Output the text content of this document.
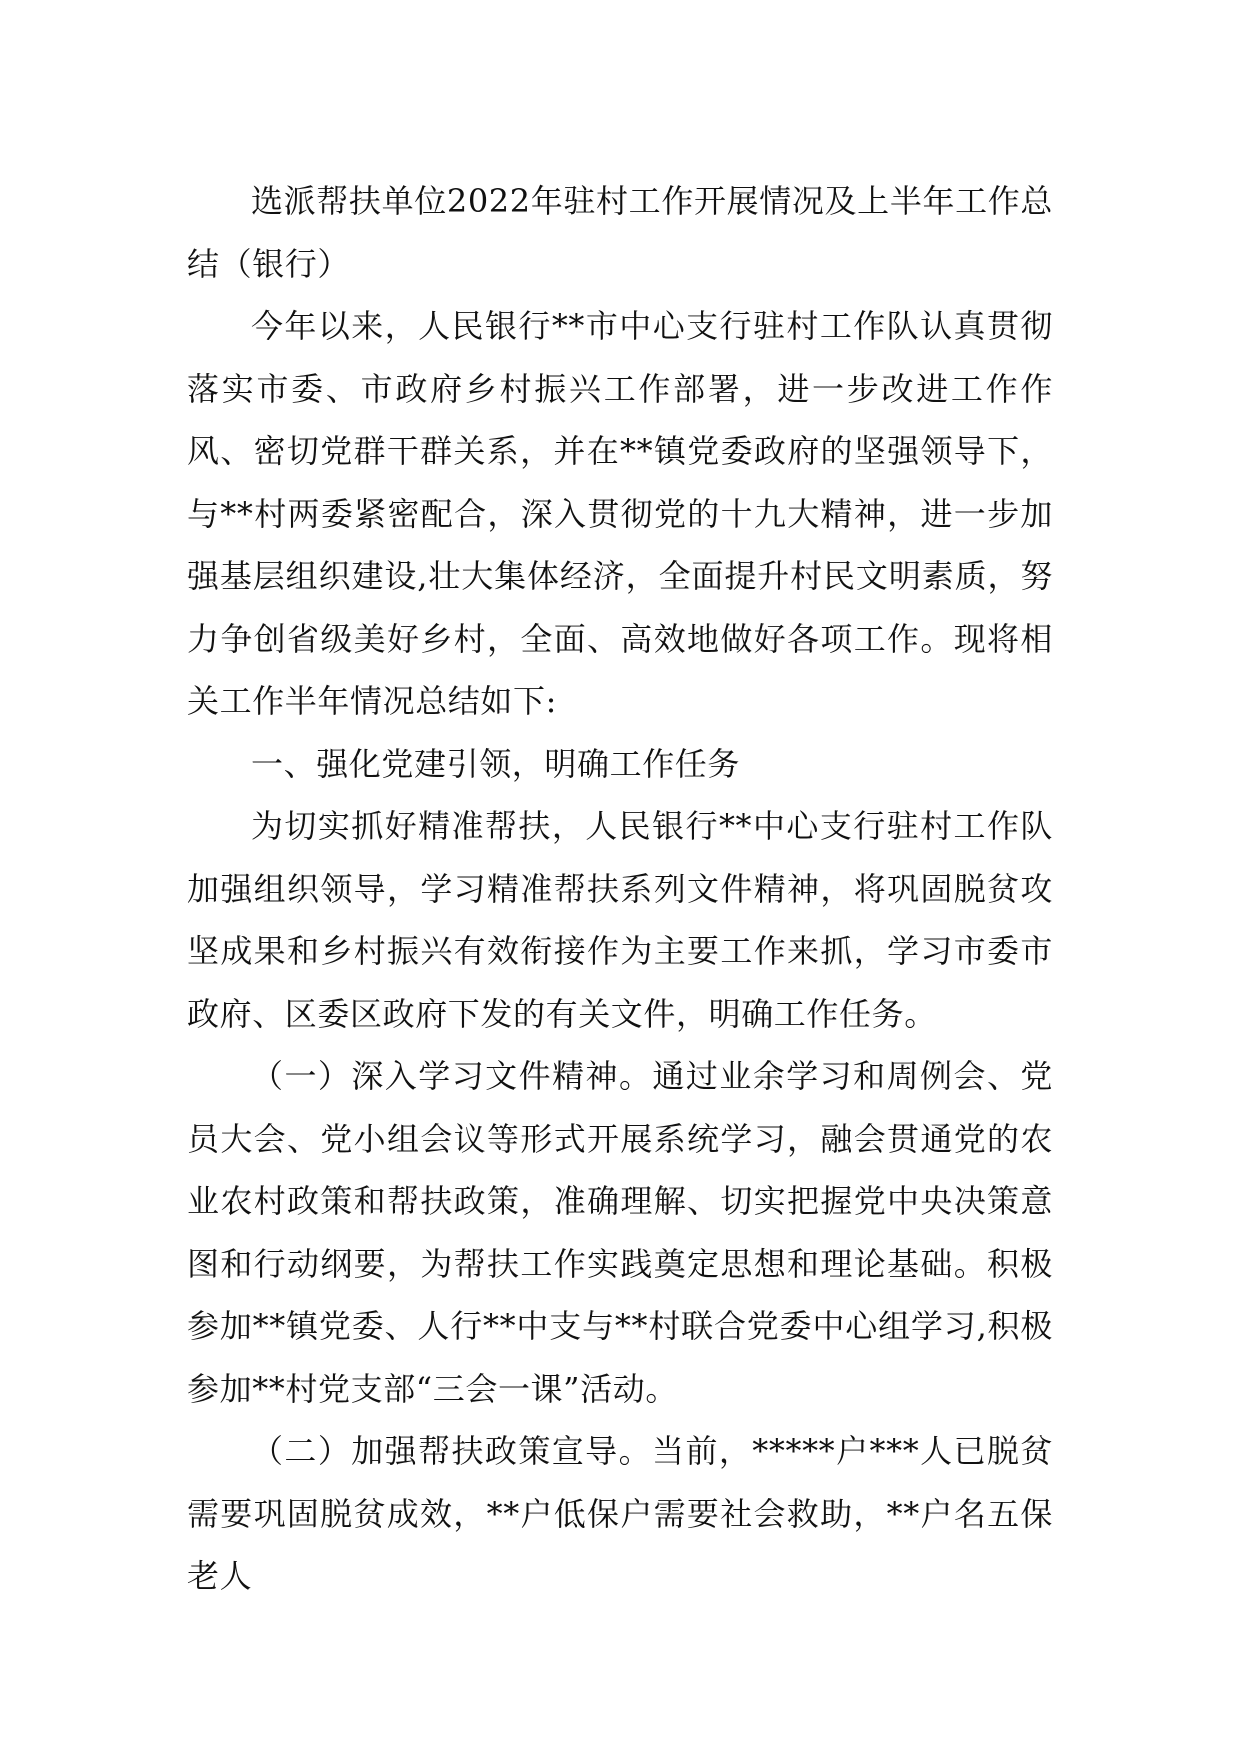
选派帮扶单位2022年驻村工作开展情况及上半年工作总结（银行）

今年以来，人民银行**市中心支行驻村工作队认真贯彻落实市委、市政府乡村振兴工作部署，进一步改进工作作风、密切党群干群关系，并在**镇党委政府的坚强领导下，与**村两委紧密配合，深入贯彻党的十九大精神，进一步加强基层组织建设,壮大集体经济，全面提升村民文明素质，努力争创省级美好乡村，全面、高效地做好各项工作。现将相关工作半年情况总结如下:

一、强化党建引领，明确工作任务

为切实抓好精准帮扶，人民银行**中心支行驻村工作队加强组织领导，学习精准帮扶系列文件精神，将巩固脱贫攻坚成果和乡村振兴有效衔接作为主要工作来抓，学习市委市政府、区委区政府下发的有关文件，明确工作任务。

（一）深入学习文件精神。通过业余学习和周例会、党员大会、党小组会议等形式开展系统学习，融会贯通党的农业农村政策和帮扶政策，准确理解、切实把握党中央决策意图和行动纲要，为帮扶工作实践奠定思想和理论基础。积极参加**镇党委、人行**中支与**村联合党委中心组学习,积极参加**村党支部“三会一课”活动。

（二）加强帮扶政策宣导。当前，*****户***人已脱贫需要巩固脱贫成效，**户低保户需要社会救助，**户名五保老人
